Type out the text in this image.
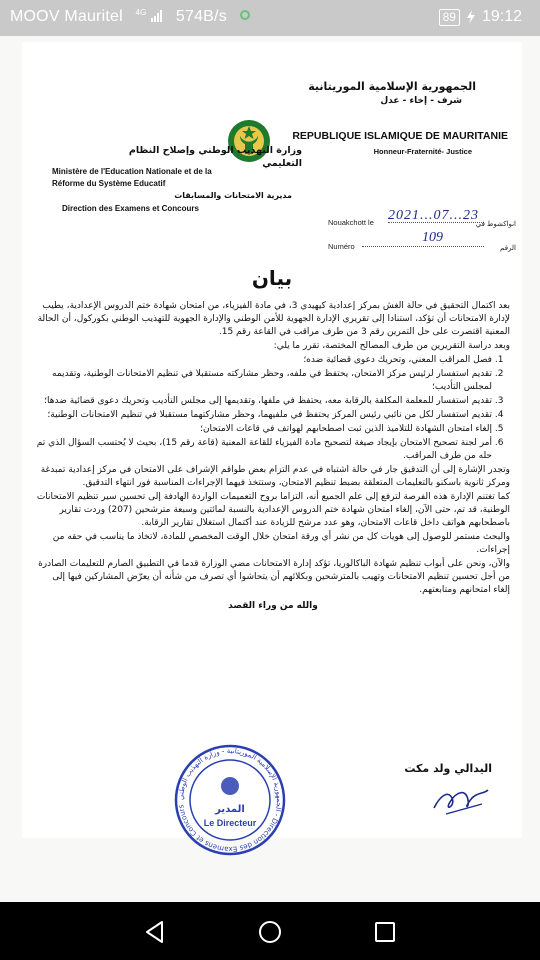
MOOV Mauritel $^{4G}$ 574B/s	89 19:12
الجمهورية الإسلامية الموريتانية
شرف - إخاء - عدل
REPUBLIQUE ISLAMIQUE DE MAURITANIE
Honneur-Fraternité- Justice
وزارة التهذيب الوطني وإصلاح النظام التعليمي
Ministère de l'Education Nationale et de la
Réforme du Système Educatif
مديرية الامتحانات والمسابقات
Direction des Examens et Concours
Nouakchott le 2021...07...23
انواكشوط في
Numéro
109
الرقم
بيان

بعد اكتمال التحقيق في حالة الغش بمركز إعدادية كيهيدي 3، في مادة الفيزياء، من امتحان شهادة ختم الدروس الإعدادية، يطيب لإدارة الامتحانات أن تؤكد، استنادا إلى تقريري الإدارة الجهوية للأمن الوطني والإدارة الجهوية للتهذيب الوطني بكوركول، أن الحالة المعنية اقتصرت على حل التمرين رقم 3 من طرف مراقب في القاعة رقم 15.

وبعد دراسة التقريرين من طرف المصالح المختصة، تقرر ما يلي:

1. فصل المراقب المعني، وتحريك دعوى قضائية ضده؛
2. تقديم استفسار لرئيس مركز الامتحان، يحتفظ في ملفه، وحظر مشاركته مستقبلا في تنظيم الامتحانات الوطنية، وتقديمه لمجلس التأديب؛
3. تقديم استفسار للمعلمة المكلفة بالرقابة معه، يحتفظ في ملفها، وتقديمها إلى مجلس التأديب وتحريك دعوى قضائية ضدها؛
4. تقديم استفسار لكل من نائبي رئيس المركز يحتفظ في ملفيهما، وحظر مشاركتهما مستقبلا في تنظيم الامتحانات الوطنية؛
5. إلغاء امتحان الشهادة للتلاميذ الذين ثبت اصطحابهم لهواتف في قاعات الامتحان؛
6. أمر لجنة تصحيح الامتحان بإيجاد صيغة لتصحيح مادة الفيزياء للقاعة المعنية (قاعة رقم 15)، بحيث لا يُحتسب السؤال الذي تم حله من طرف المراقب.

وتجدر الإشارة إلى أن التدقيق جار في حالة اشتباه في عدم التزام بعض طواقم الإشراف على الامتحان في مركز إعدادية تمبدغة ومركز ثانوية باسكنو بالتعليمات المتعلقة بضبط تنظيم الامتحان، وستتخذ فيهما الإجراءات المناسبة فور انتهاء التدقيق.

كما تغتنم الإدارة هذه الفرصة لترفع إلى علم الجميع أنه، التزاما بروح التعميمات الواردة الهادفة إلى تحسين سير تنظيم الامتحانات الوطنية، قد تم، حتى الآن، إلغاء امتحان شهادة ختم الدروس الإعدادية بالنسبة لمائتين وسبعة مترشحين (207) وردت تقارير باصطحابهم هواتف داخل قاعات الامتحان، وهو عدد مرشح للزيادة عند أكتمال استغلال تقارير الرقابة.

والبحث مستمر للوصول إلى هويات كل من نشر أي ورقة امتحان خلال الوقت المخصص للمادة، لاتخاذ ما يناسب في حقه من إجراءات.

والآن، ونحن على أبواب تنظيم شهادة الباكالوريا، تؤكد إدارة الامتحانات مضي الوزارة قدما في التطبيق الصارم للتعليمات الصادرة من أجل تحسين تنظيم الامتحانات وتهيب بالمترشحين وبكلائهم أن يتحاشوا أي تصرف من شأنه أن يعرّض المشاركين فيها إلى إلغاء امتحانهم ومتابعتهم.

والله من وراء القصد
اليدالي ولد مكت
الجمهورية الإسلامية الموريتانية - وزارة التهذيب الوطني - Direction des Examens et Concours	المدير
Le Directeur
